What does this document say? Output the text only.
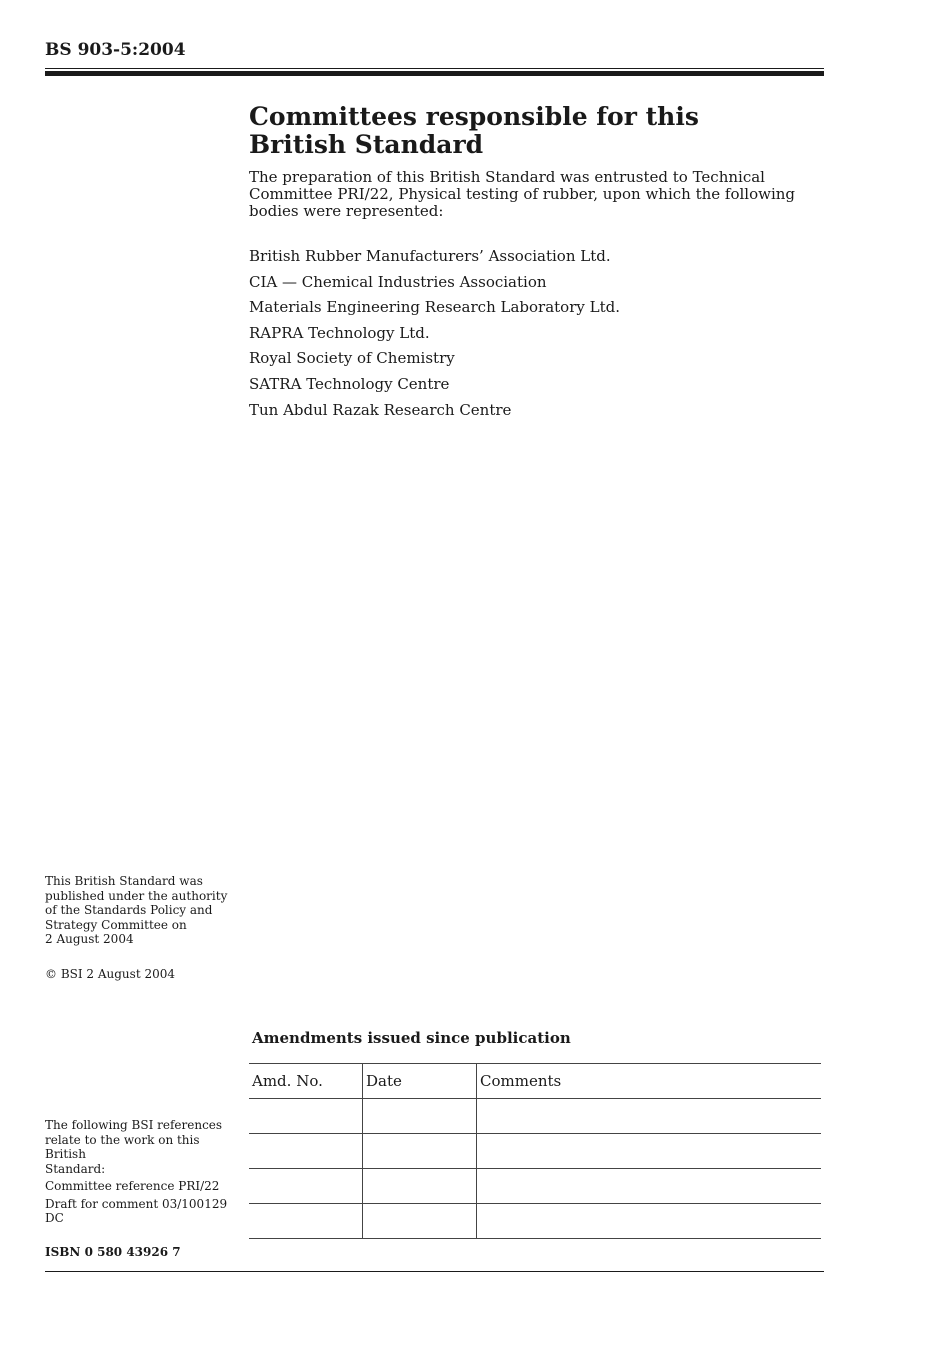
BS 903-5:2004
Committees responsible for this
British Standard

The preparation of this British Standard was entrusted to Technical Committee PRI/22, Physical testing of rubber, upon which the following bodies were represented:

British Rubber Manufacturers’ Association Ltd.
CIA — Chemical Industries Association
Materials Engineering Research Laboratory Ltd.
RAPRA Technology Ltd.
Royal Society of Chemistry
SATRA Technology Centre
Tun Abdul Razak Research Centre

This British Standard was
published under the authority
of the Standards Policy and
Strategy Committee on
2 August 2004

© BSI 2 August 2004

The following BSI references
relate to the work on this British
Standard:

Committee reference PRI/22

Draft for comment 03/100129 DC

Amendments issued since publication
Amd. No.	Date	Comments

ISBN 0 580 43926 7
